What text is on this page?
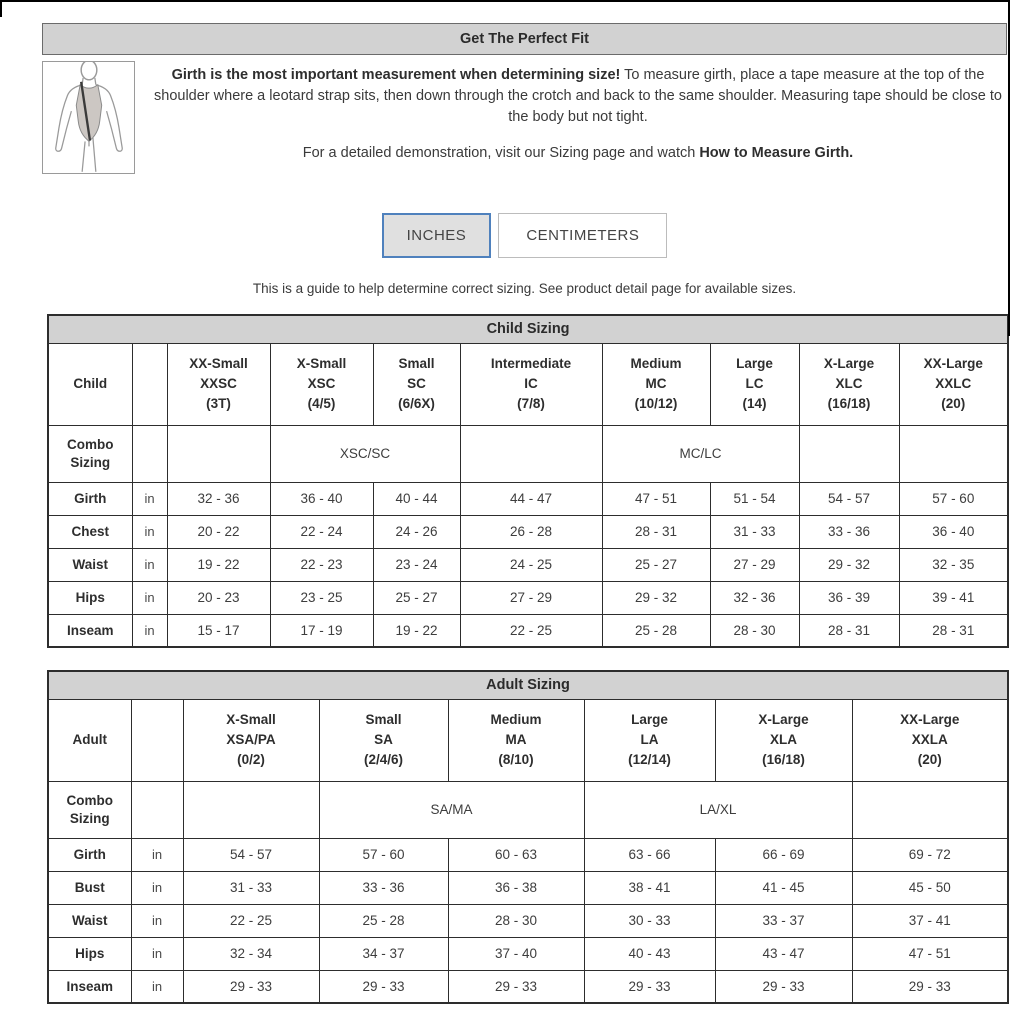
Get The Perfect Fit
Girth is the most important measurement when determining size! To measure girth, place a tape measure at the top of the shoulder where a leotard strap sits, then down through the crotch and back to the same shoulder. Measuring tape should be close to the body but not tight.
For a detailed demonstration, visit our Sizing page and watch How to Measure Girth.
INCHES	CENTIMETERS
This is a guide to help determine correct sizing. See product detail page for available sizes.
Child Sizing									
Child		XX-Small
XXSC
(3T)	X-Small
XSC
(4/5)	Small
SC
(6/6X)	Intermediate
IC
(7/8)	Medium
MC
(10/12)	Large
LC
(14)	X-Large
XLC
(16/18)	XX-Large
XXLC
(20)

Combo Sizing			XSC/SC			MC/LC			
Girth	in	32 - 36	36 - 40	40 - 44	44 - 47	47 - 51	51 - 54	54 - 57	57 - 60
Chest	in	20 - 22	22 - 24	24 - 26	26 - 28	28 - 31	31 - 33	33 - 36	36 - 40
Waist	in	19 - 22	22 - 23	23 - 24	24 - 25	25 - 27	27 - 29	29 - 32	32 - 35
Hips	in	20 - 23	23 - 25	25 - 27	27 - 29	29 - 32	32 - 36	36 - 39	39 - 41
Inseam	in	15 - 17	17 - 19	19 - 22	22 - 25	25 - 28	28 - 30	28 - 31	28 - 31
Adult Sizing							
Adult		X-Small
XSA/PA
(0/2)	Small
SA
(2/4/6)	Medium
MA
(8/10)	Large
LA
(12/14)	X-Large
XLA
(16/18)	XX-Large
XXLA
(20)

Combo Sizing			SA/MA		LA/XL		
Girth	in	54 - 57	57 - 60	60 - 63	63 - 66	66 - 69	69 - 72
Bust	in	31 - 33	33 - 36	36 - 38	38 - 41	41 - 45	45 - 50
Waist	in	22 - 25	25 - 28	28 - 30	30 - 33	33 - 37	37 - 41
Hips	in	32 - 34	34 - 37	37 - 40	40 - 43	43 - 47	47 - 51
Inseam	in	29 - 33	29 - 33	29 - 33	29 - 33	29 - 33	29 - 33
